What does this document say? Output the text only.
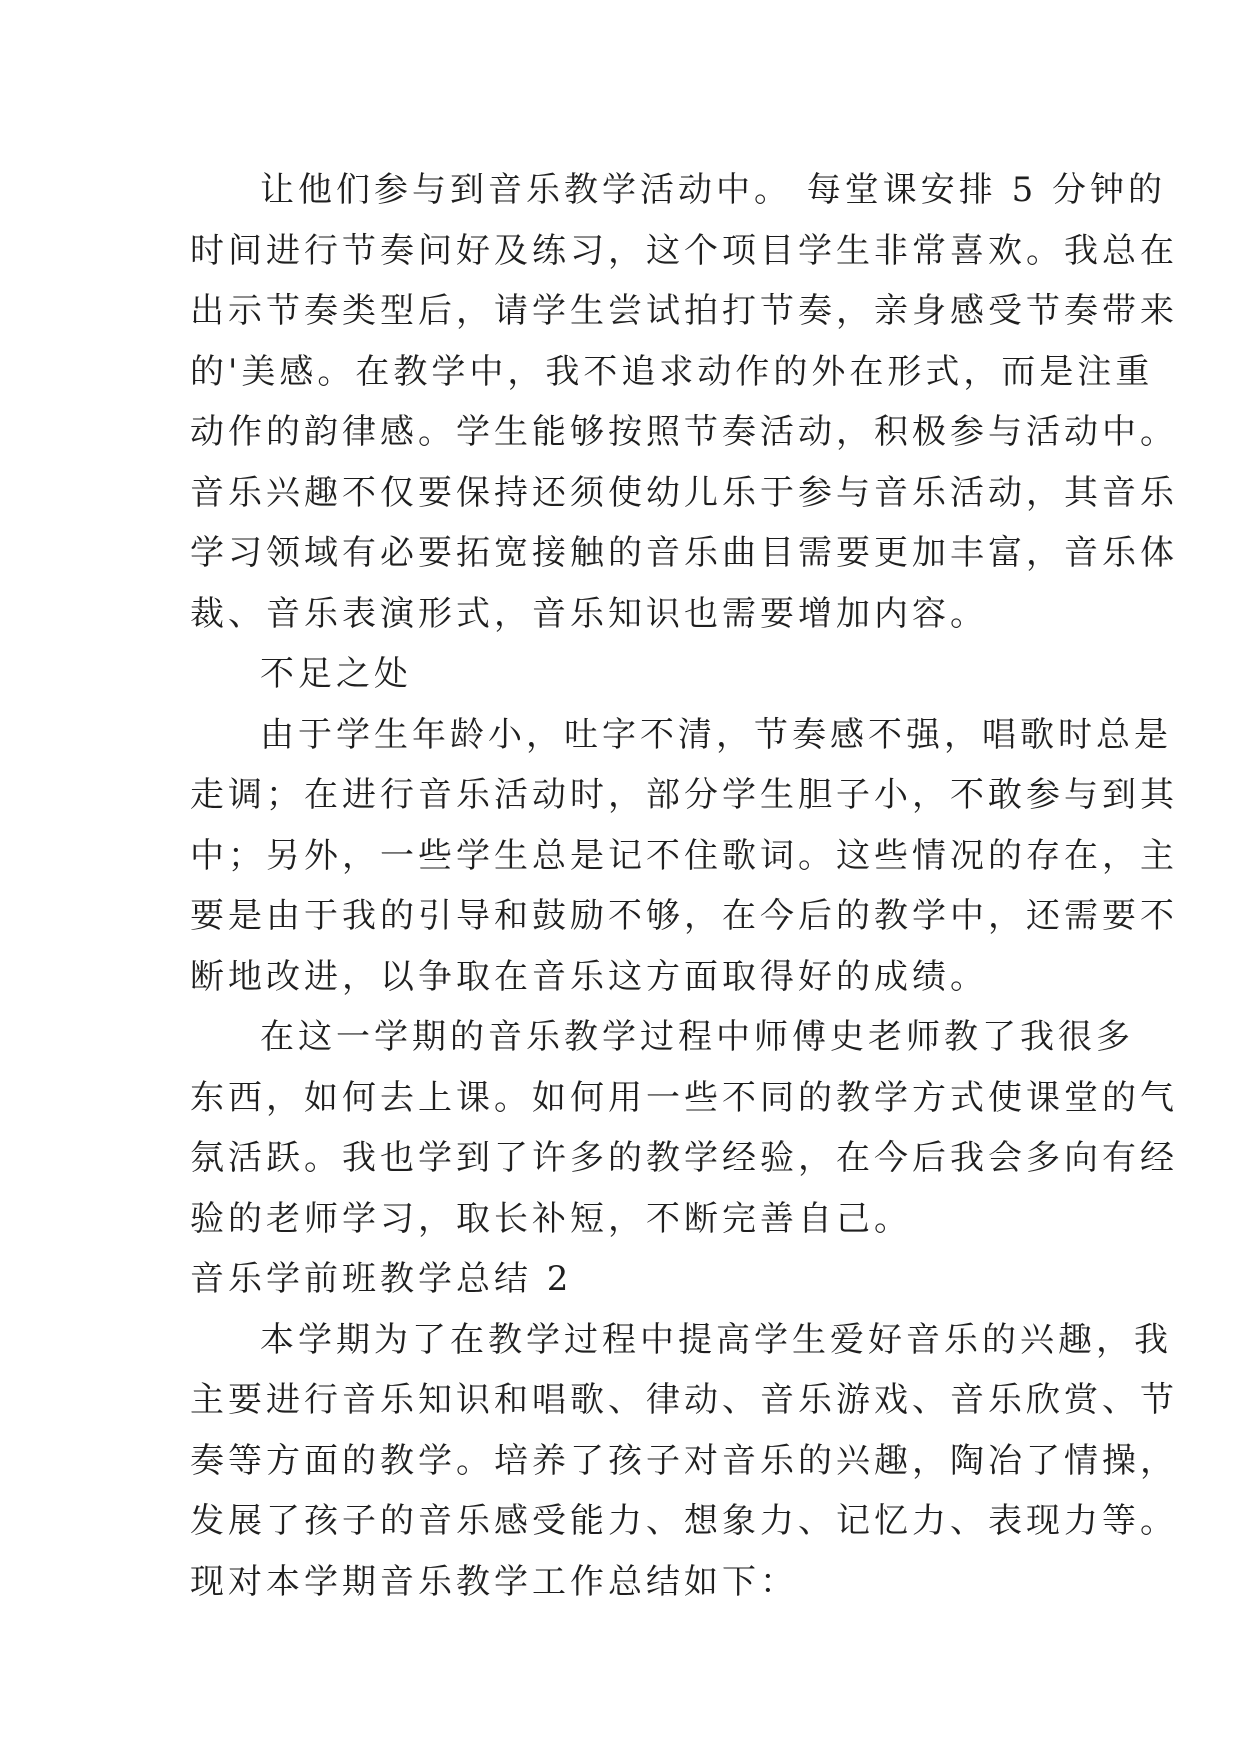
让他们参与到音乐教学活动中。 每堂课安排 5 分钟的
时间进行节奏问好及练习，这个项目学生非常喜欢。我总在
出示节奏类型后，请学生尝试拍打节奏，亲身感受节奏带来
的'美感。在教学中，我不追求动作的外在形式，而是注重
动作的韵律感。学生能够按照节奏活动，积极参与活动中。
音乐兴趣不仅要保持还须使幼儿乐于参与音乐活动，其音乐
学习领域有必要拓宽接触的音乐曲目需要更加丰富，音乐体
裁、音乐表演形式，音乐知识也需要增加内容。
不足之处
由于学生年龄小，吐字不清，节奏感不强，唱歌时总是
走调；在进行音乐活动时，部分学生胆子小，不敢参与到其
中；另外，一些学生总是记不住歌词。这些情况的存在，主
要是由于我的引导和鼓励不够，在今后的教学中，还需要不
断地改进，以争取在音乐这方面取得好的成绩。
在这一学期的音乐教学过程中师傅史老师教了我很多
东西，如何去上课。如何用一些不同的教学方式使课堂的气
氛活跃。我也学到了许多的教学经验，在今后我会多向有经
验的老师学习，取长补短，不断完善自己。
音乐学前班教学总结 2
本学期为了在教学过程中提高学生爱好音乐的兴趣，我
主要进行音乐知识和唱歌、律动、音乐游戏、音乐欣赏、节
奏等方面的教学。培养了孩子对音乐的兴趣，陶冶了情操，
发展了孩子的音乐感受能力、想象力、记忆力、表现力等。
现对本学期音乐教学工作总结如下：
